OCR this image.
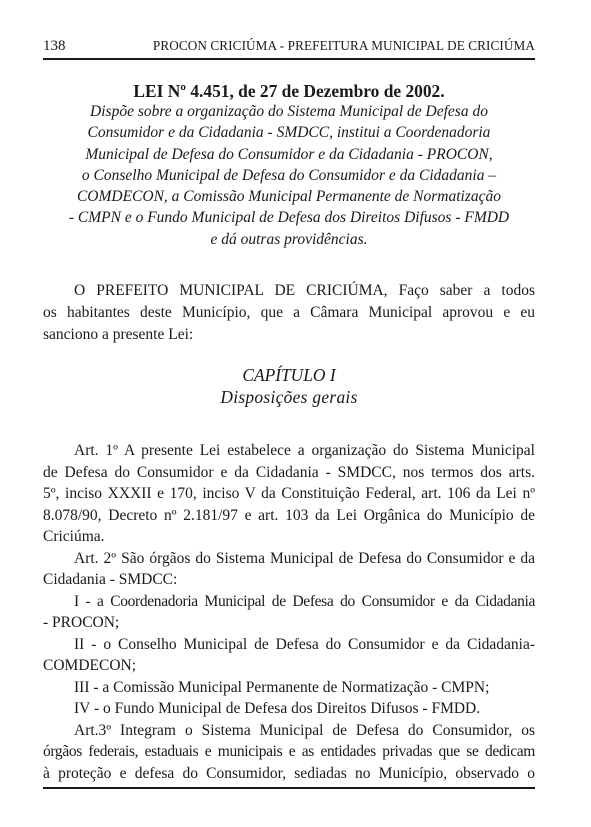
138	PROCON CRICIÚMA - PREFEITURA MUNICIPAL DE CRICIÚMA
LEI Nº 4.451, de 27 de Dezembro de 2002.

Dispõe sobre a organização do Sistema Municipal de Defesa do
Consumidor e da Cidadania - SMDCC, institui a Coordenadoria
Municipal de Defesa do Consumidor e da Cidadania - PROCON,
o Conselho Municipal de Defesa do Consumidor e da Cidadania –
COMDECON, a Comissão Municipal Permanente de Normatização
- CMPN e o Fundo Municipal de Defesa dos Direitos Difusos - FMDD
e dá outras providências.

O PREFEITO MUNICIPAL DE CRICIÚMA, Faço saber a todos
os habitantes deste Município, que a Câmara Municipal aprovou e eu
sanciono a presente Lei:

CAPÍTULO I
Disposições gerais
Art. 1º A presente Lei estabelece a organização do Sistema Municipal
de Defesa do Consumidor e da Cidadania - SMDCC, nos termos dos arts.
5º, inciso XXXII e 170, inciso V da Constituição Federal, art. 106 da Lei nº
8.078/90, Decreto nº 2.181/97 e art. 103 da Lei Orgânica do Município de
Criciúma.
Art. 2º São órgãos do Sistema Municipal de Defesa do Consumidor e da
Cidadania - SMDCC:
I - a Coordenadoria Municipal de Defesa do Consumidor e da Cidadania
- PROCON;
II - o Conselho Municipal de Defesa do Consumidor e da Cidadania-
COMDECON;
III - a Comissão Municipal Permanente de Normatização - CMPN;
IV - o Fundo Municipal de Defesa dos Direitos Difusos - FMDD.
Art.3º Integram o Sistema Municipal de Defesa do Consumidor, os
órgãos federais, estaduais e municipais e as entidades privadas que se dedicam
à proteção e defesa do Consumidor, sediadas no Município, observado o
